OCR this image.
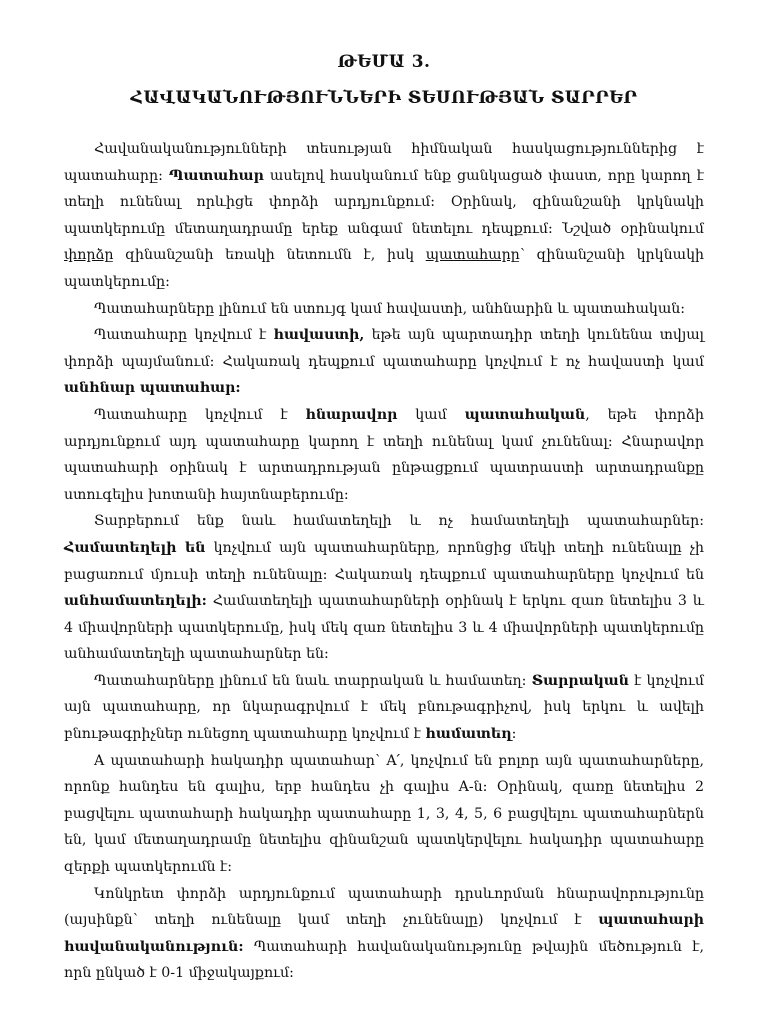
ԹԵՄԱ 3.
ՀԱՎԱԿԱՆՈՒԹՅՈՒՆՆԵՐԻ ՏԵՍՈՒԹՅԱՆ ՏԱՐՐԵՐ

Հավանականությունների տեսության հիմնական հասկացություններից է պատահարը: Պատահար ասելով հասկանում ենք ցանկացած փաստ, որը կարող է տեղի ունենալ որևիցե փորձի արդյունքում: Օրինակ, զինանշանի կրկնակի պատկերումը մետաղադրամը երեք անգամ նետելու դեպքում: Նշված օրինակում փորձը զինանշանի եռակի նետումն է, իսկ պատահարը՝ զինանշանի կրկնակի պատկերումը:

Պատահարները լինում են ստույգ կամ հավաստի, անհնարին և պատահական:

Պատահարը կոչվում է հավաստի, եթե այն պարտադիր տեղի կունենա տվյալ փորձի պայմանում: Հակառակ դեպքում պատահարը կոչվում է ոչ հավաստի կամ անհնար պատահար:

Պատահարը կոչվում է հնարավոր կամ պատահական, եթե փորձի արդյունքում այդ պատահարը կարող է տեղի ունենալ կամ չունենալ: Հնարավոր պատահարի օրինակ է արտադրության ընթացքում պատրաստի արտադրանքը ստուգելիս խոտանի հայտնաբերումը:

Տարբերում ենք նաև համատեղելի և ոչ համատեղելի պատահարներ: Համատեղելի են կոչվում այն պատահարները, որոնցից մեկի տեղի ունենալը չի բացառում մյուսի տեղի ունենալը: Հակառակ դեպքում պատահարները կոչվում են անհամատեղելի: Համատեղելի պատահարների օրինակ է երկու զառ նետելիս 3 և 4 միավորների պատկերումը, իսկ մեկ զառ նետելիս 3 և 4 միավորների պատկերումը անհամատեղելի պատահարներ են:

Պատահարները լինում են նաև տարրական և համատեղ: Տարրական է կոչվում այն պատահարը, որ նկարագրվում է մեկ բնութագրիչով, իսկ երկու և ավելի բնութագրիչներ ունեցող պատահարը կոչվում է համատեղ:

A պատահարի հակադիր պատահար՝ A՛, կոչվում են բոլոր այն պատահարները, որոնք հանդես են գալիս, երբ հանդես չի գալիս A-ն: Օրինակ, զառը նետելիս 2 բացվելու պատահարի հակադիր պատահարը 1, 3, 4, 5, 6 բացվելու պատահարներն են, կամ մետաղադրամը նետելիս զինանշան պատկերվելու հակադիր պատահարը զերքի պատկերումն է:

Կոնկրետ փորձի արդյունքում պատահարի դրսևորման հնարավորությունը (այսինքն՝ տեղի ունենալը կամ տեղի չունենալը) կոչվում է պատահարի հավանականություն: Պատահարի հավանականությունը թվային մեծություն է, որն ընկած է 0-1 միջակայքում:
